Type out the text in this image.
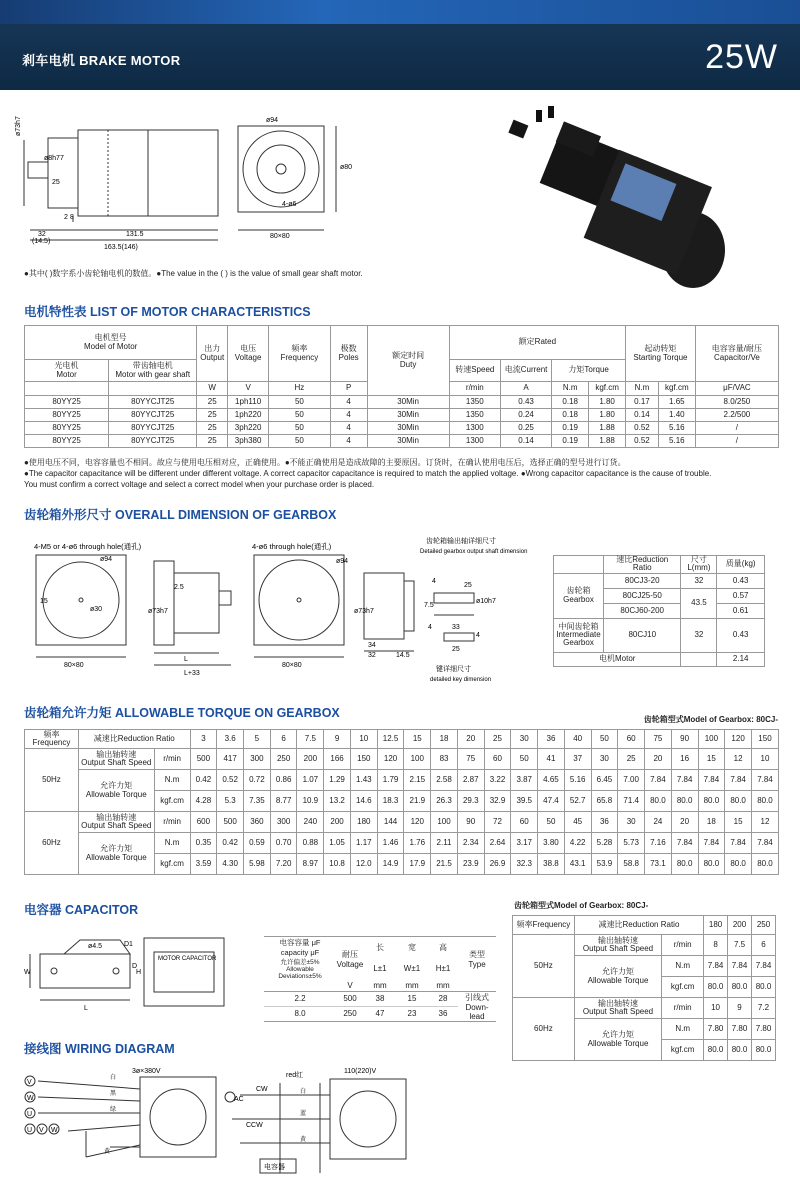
剎车电机 BRAKE MOTOR	25W
ø73h7
ø8h7 7
25
2 8
32
(14.5)
131.5
163.5(146)
ø94
ø80
4-ø6
80×80
●其中( )数字系小齿轮轴电机的数值。●The value in the ( ) is the value of small gear shaft motor.
电机特性表 LIST OF MOTOR CHARACTERISTICS
电机型号
Model of Motor		出力
Output	电压
Voltage	频率
Frequency	极数
Poles	额定时间
Duty	额定Rated				起动转矩
Starting Torque		电容容量/耐压
Capacitor/Ve
光电机
Motor	带齿轴电机
Motor with gear shaft						转速Speed	电流Current	力矩Torque				
		W	V	Hz	P		r/min	A	N.m	kgf.cm	N.m	kgf.cm	μF/VAC
80YY25	80YYCJT25	25	1ph110	50	4	30Min	1350	0.43	0.18	1.80	0.17	1.65	8.0/250
80YY25	80YYCJT25	25	1ph220	50	4	30Min	1350	0.24	0.18	1.80	0.14	1.40	2.2/500
80YY25	80YYCJT25	25	3ph220	50	4	30Min	1300	0.25	0.19	1.88	0.52	5.16	/
80YY25	80YYCJT25	25	3ph380	50	4	30Min	1300	0.14	0.19	1.88	0.52	5.16	/
●使用电压不同，电容容量也不相同。故应与使用电压相对应，正确使用。●不能正确使用是造成故障的主要原因。订货时，在确认使用电压后，选择正确的型号进行订货。
●The capacitor capacitance will be different under different voltage. A correct capacitor capacitance is required to match the applied voltage. ●Wrong capacitor capacitance is the cause of trouble.
You must confirm a correct voltage and select a correct model when your purchase order is placed.
齿轮箱外形尺寸 OVERALL DIMENSION OF GEARBOX
4-M5 or 4-ø6 through hole(通孔)	4-ø6 through hole(通孔)
齿轮箱输出轴详细尺寸
Detailed gearbox output shaft dimension
键详细尺寸
detailed key dimension
ø94
ø30
15
80×80
2.5
ø73h7
L
L+33
ø94
80×80
ø73h7
34
32	14.5
25
ø10h7
7.5
4
33
25
4
4
	速比Reduction Ratio	尺寸L(mm)	质量(kg)
齿轮箱
Gearbox	80CJ3-20	32	0.43
	80CJ25-50	43.5	0.57
	80CJ60-200		0.61
中间齿轮箱
Intermediate
Gearbox	80CJ10	32	0.43
电机Motor			2.14
齿轮箱允许力矩 ALLOWABLE TORQUE ON GEARBOX	齿轮箱型式Model of Gearbox: 80CJ-
频率Frequency	减速比Reduction Ratio		3	3.6	5	6	7.5	9	10	12.5	15	18	20	25	30	36	40	50	60	75	90	100	120	150
50Hz	输出轴转速
Output Shaft Speed	r/min	500	417	300	250	200	166	150	120	100	83	75	60	50	41	37	30	25	20	16	15	12	10
	允许力矩
Allowable Torque	N.m	0.42	0.52	0.72	0.86	1.07	1.29	1.43	1.79	2.15	2.58	2.87	3.22	3.87	4.65	5.16	6.45	7.00	7.84	7.84	7.84	7.84	7.84
		kgf.cm	4.28	5.3	7.35	8.77	10.9	13.2	14.6	18.3	21.9	26.3	29.3	32.9	39.5	47.4	52.7	65.8	71.4	80.0	80.0	80.0	80.0	80.0
60Hz	输出轴转速
Output Shaft Speed	r/min	600	500	360	300	240	200	180	144	120	100	90	72	60	50	45	36	30	24	20	18	15	12
	允许力矩
Allowable Torque	N.m	0.35	0.42	0.59	0.70	0.88	1.05	1.17	1.46	1.76	2.11	2.34	2.64	3.17	3.80	4.22	5.28	5.73	7.16	7.84	7.84	7.84	7.84
		kgf.cm	3.59	4.30	5.98	7.20	8.97	10.8	12.0	14.9	17.9	21.5	23.9	26.9	32.3	38.8	43.1	53.9	58.8	73.1	80.0	80.0	80.0	80.0
电容器 CAPACITOR
ø4.5	D1
D
W	H
L
MOTOR CAPACITOR
电容容量 μF
capacity μF	耐压
Voltage	长	宽	高	类型
Type
允许偏差±5%
Allowable Deviations±5%		L±1	W±1	H±1	
	V	mm	mm	mm	
2.2	500	38	15	28	引线式
Down-lead
8.0	250	47	23	36	
齿轮箱型式Model of Gearbox: 80CJ-
频率Frequency	减速比Reduction Ratio		180	200	250
50Hz	输出轴转速
Output Shaft Speed	r/min	8	7.5	6
	允许力矩
Allowable Torque	N.m	7.84	7.84	7.84
		kgf.cm	80.0	80.0	80.0
60Hz	输出轴转速
Output Shaft Speed	r/min	10	9	7.2
	允许力矩
Allowable Torque	N.m	7.80	7.80	7.80
		kgf.cm	80.0	80.0	80.0
接线图 WIRING DIAGRAM
V
W
U
U V W
3ø×380V	110(220)V
red红
AC
CW
CCW
电容器
白
黑
绿
黄
白
蓝
黄
